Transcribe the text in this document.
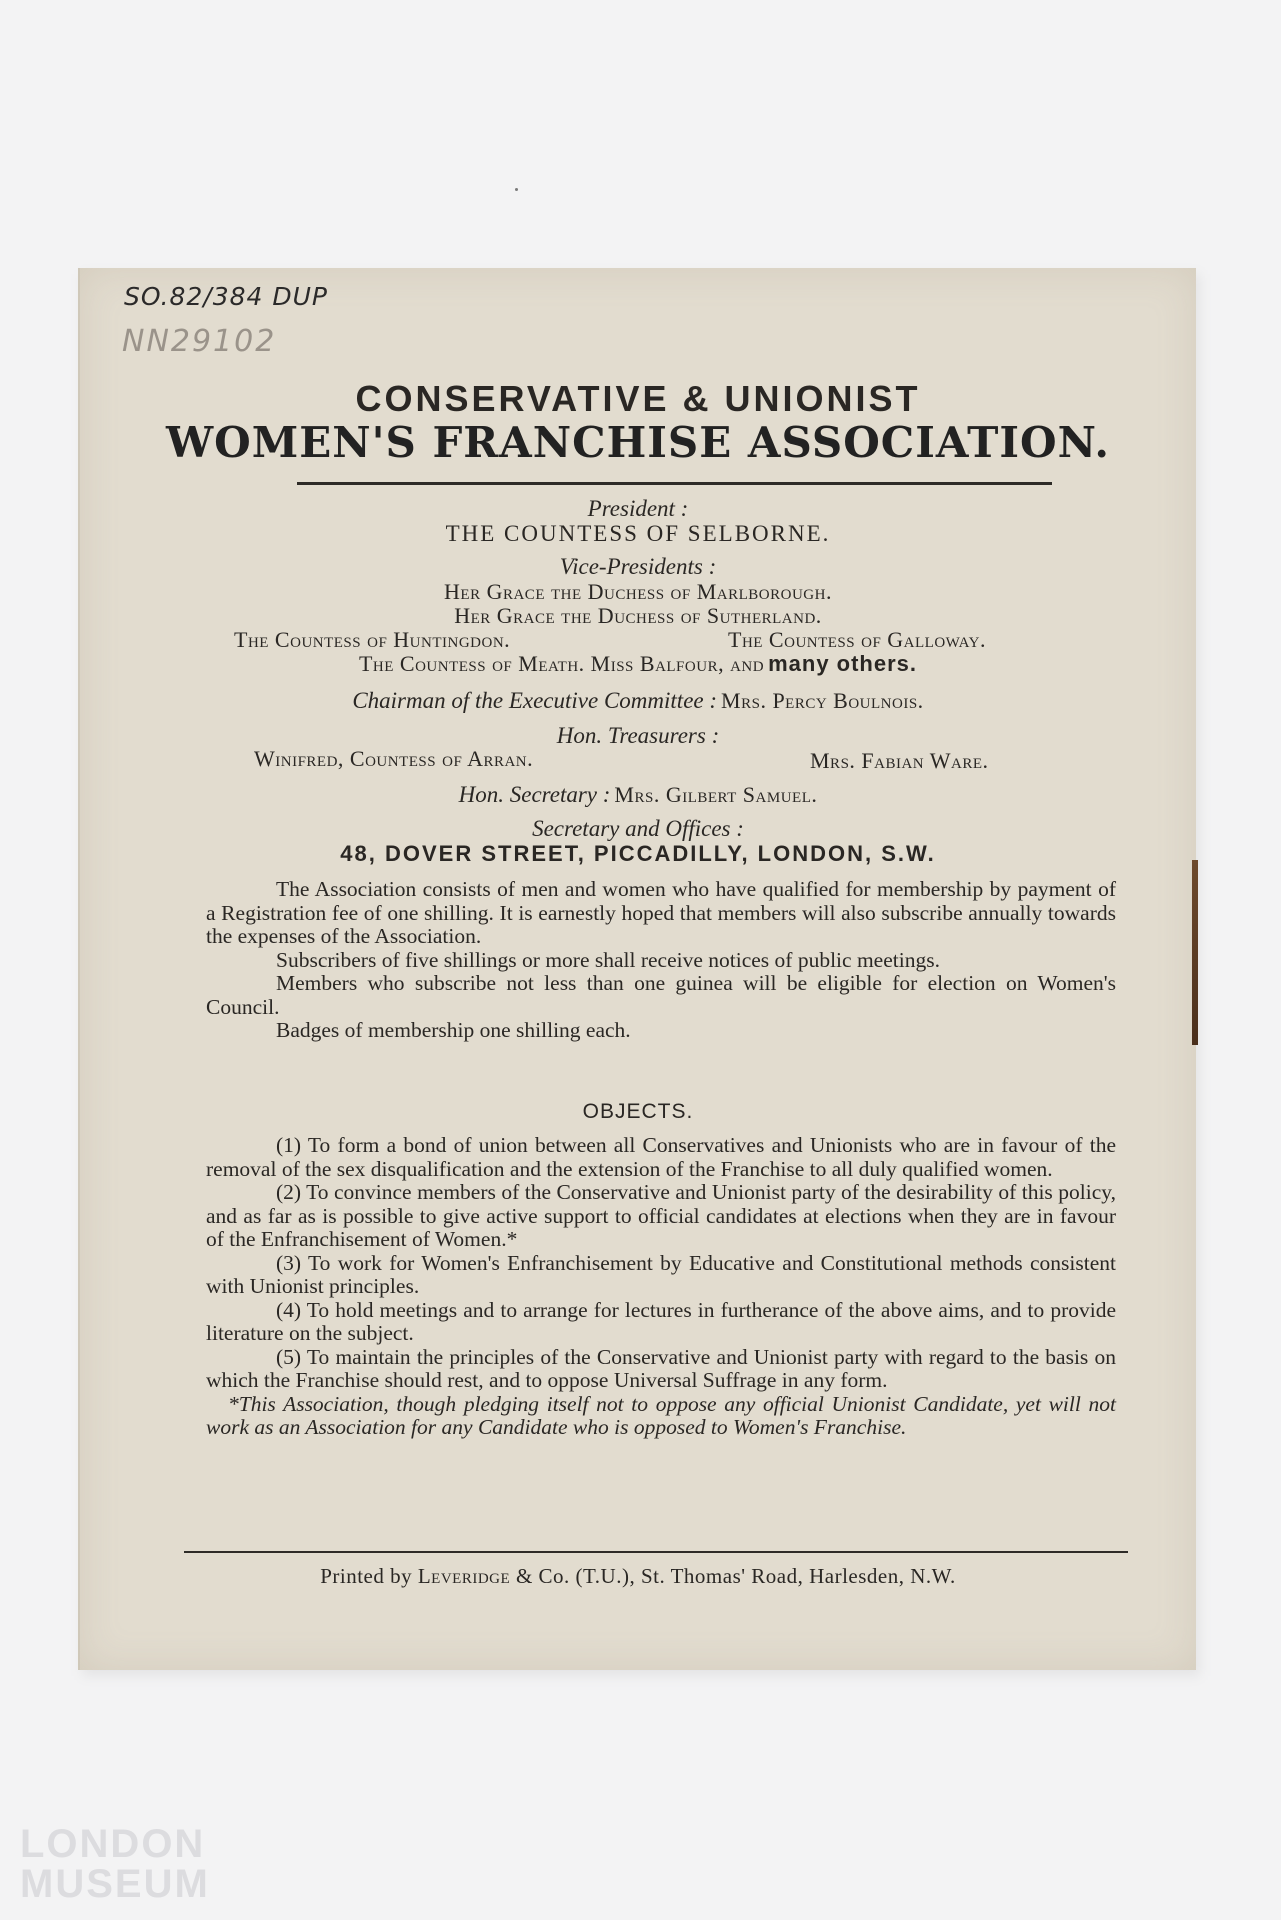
SO.82/384 DUP
NN29102
CONSERVATIVE & UNIONIST
WOMEN'S FRANCHISE ASSOCIATION.
President :
THE COUNTESS OF SELBORNE.
Vice-Presidents :
Her Grace the Duchess of Marlborough.
Her Grace the Duchess of Sutherland.
The Countess of Huntingdon.	The Countess of Galloway.
The Countess of Meath. Miss Balfour, and many others.
Chairman of the Executive Committee : Mrs. Percy Boulnois.
Hon. Treasurers :
Winifred, Countess of Arran.	Mrs. Fabian Ware.
Hon. Secretary : Mrs. Gilbert Samuel.
Secretary and Offices :
48, DOVER STREET, PICCADILLY, LONDON, S.W.

The Association consists of men and women who have qualified for membership by payment of a Registration fee of one shilling. It is earnestly hoped that members will also subscribe annually towards the expenses of the Association.

Subscribers of five shillings or more shall receive notices of public meetings.

Members who subscribe not less than one guinea will be eligible for election on Women's Council.

Badges of membership one shilling each.

OBJECTS.

(1) To form a bond of union between all Conservatives and Unionists who are in favour of the removal of the sex disqualification and the extension of the Franchise to all duly qualified women.

(2) To convince members of the Conservative and Unionist party of the desirability of this policy, and as far as is possible to give active support to official candidates at elections when they are in favour of the Enfranchisement of Women.*

(3) To work for Women's Enfranchisement by Educative and Constitutional methods consistent with Unionist principles.

(4) To hold meetings and to arrange for lectures in furtherance of the above aims, and to provide literature on the subject.

(5) To maintain the principles of the Conservative and Unionist party with regard to the basis on which the Franchise should rest, and to oppose Universal Suffrage in any form.

*This Association, though pledging itself not to oppose any official Unionist Candidate, yet will not work as an Association for any Candidate who is opposed to Women's Franchise.

Printed by Leveridge & Co. (T.U.), St. Thomas' Road, Harlesden, N.W.
LONDON
MUSEUM
